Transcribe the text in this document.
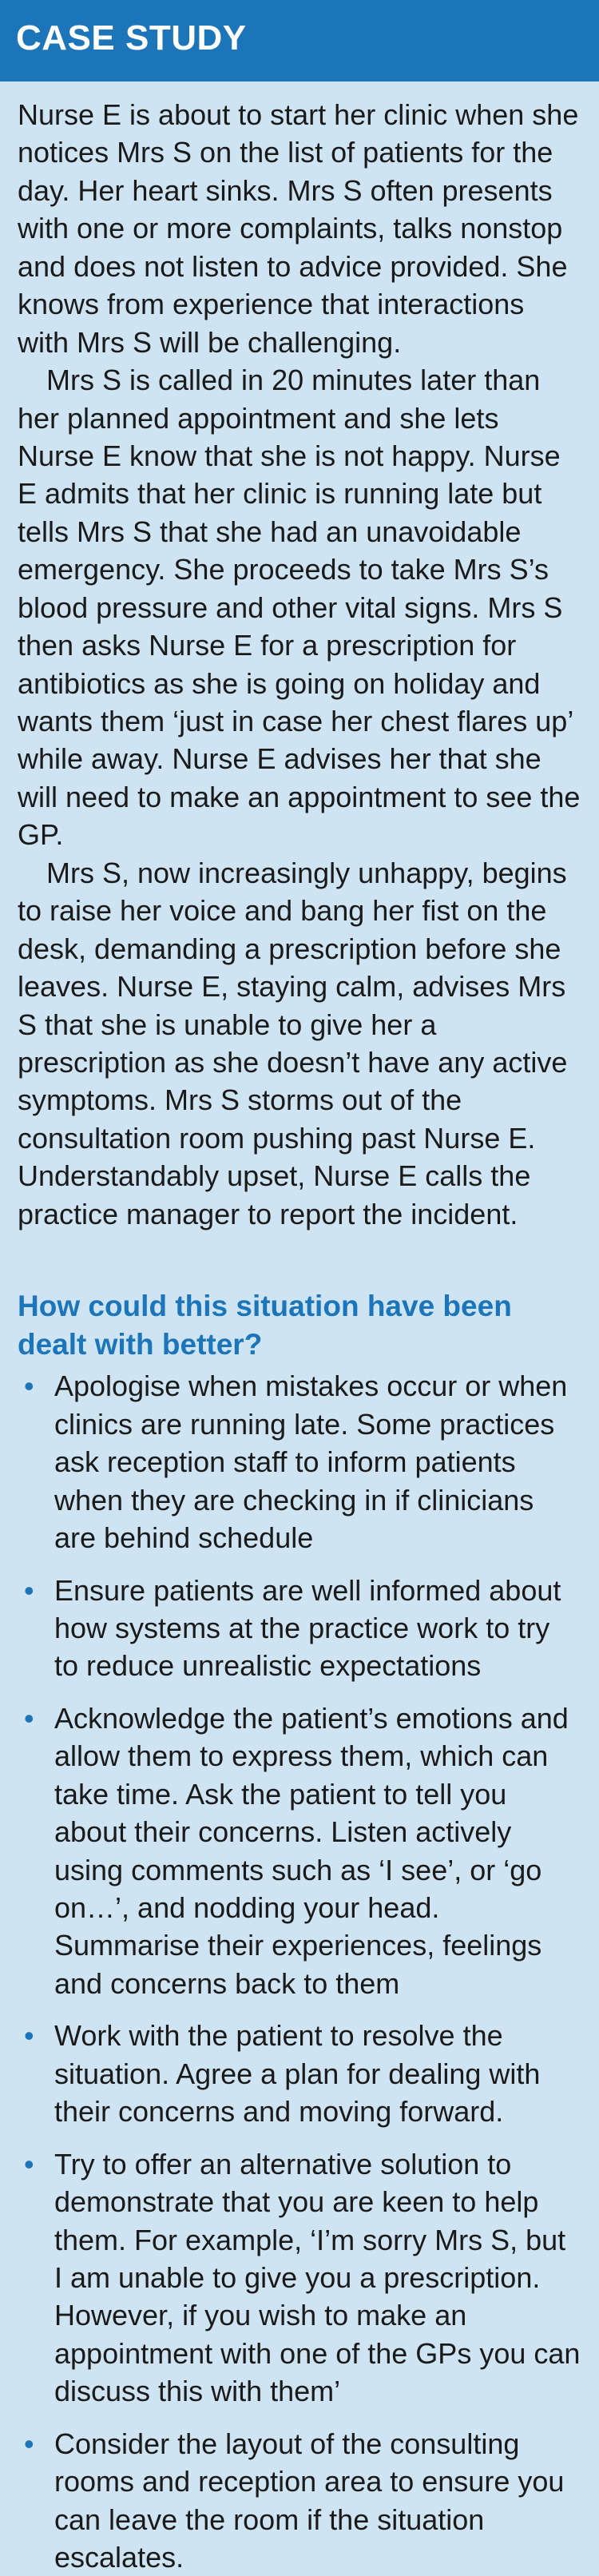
CASE STUDY

Nurse E is about to start her clinic when she notices Mrs S on the list of patients for the day. Her heart sinks. Mrs S often presents with one or more complaints, talks nonstop and does not listen to advice provided. She knows from experience that interactions with Mrs S will be challenging.

Mrs S is called in 20 minutes later than her planned appointment and she lets Nurse E know that she is not happy. Nurse E admits that her clinic is running late but tells Mrs S that she had an unavoidable emergency. She proceeds to take Mrs S’s blood pressure and other vital signs. Mrs S then asks Nurse E for a prescription for antibiotics as she is going on holiday and wants them ‘just in case her chest flares up’ while away. Nurse E advises her that she will need to make an appointment to see the GP.

Mrs S, now increasingly unhappy, begins to raise her voice and bang her fist on the desk, demanding a prescription before she leaves. Nurse E, staying calm, advises Mrs S that she is unable to give her a prescription as she doesn’t have any active symptoms. Mrs S storms out of the consultation room pushing past Nurse E. Understandably upset, Nurse E calls the practice manager to report the incident.

How could this situation have been dealt with better?
• Apologise when mistakes occur or when clinics are running late. Some practices ask reception staff to inform patients when they are checking in if clinicians are behind schedule
• Ensure patients are well informed about how systems at the practice work to try to reduce unrealistic expectations
• Acknowledge the patient’s emotions and allow them to express them, which can take time. Ask the patient to tell you about their concerns. Listen actively using comments such as ‘I see’, or ‘go on…’, and nodding your head. Summarise their experiences, feelings and concerns back to them
• Work with the patient to resolve the situation. Agree a plan for dealing with their concerns and moving forward.
• Try to offer an alternative solution to demonstrate that you are keen to help them. For example, ‘I’m sorry Mrs S, but I am unable to give you a prescription. However, if you wish to make an appointment with one of the GPs you can discuss this with them’
• Consider the layout of the consulting rooms and reception area to ensure you can leave the room if the situation escalates.
